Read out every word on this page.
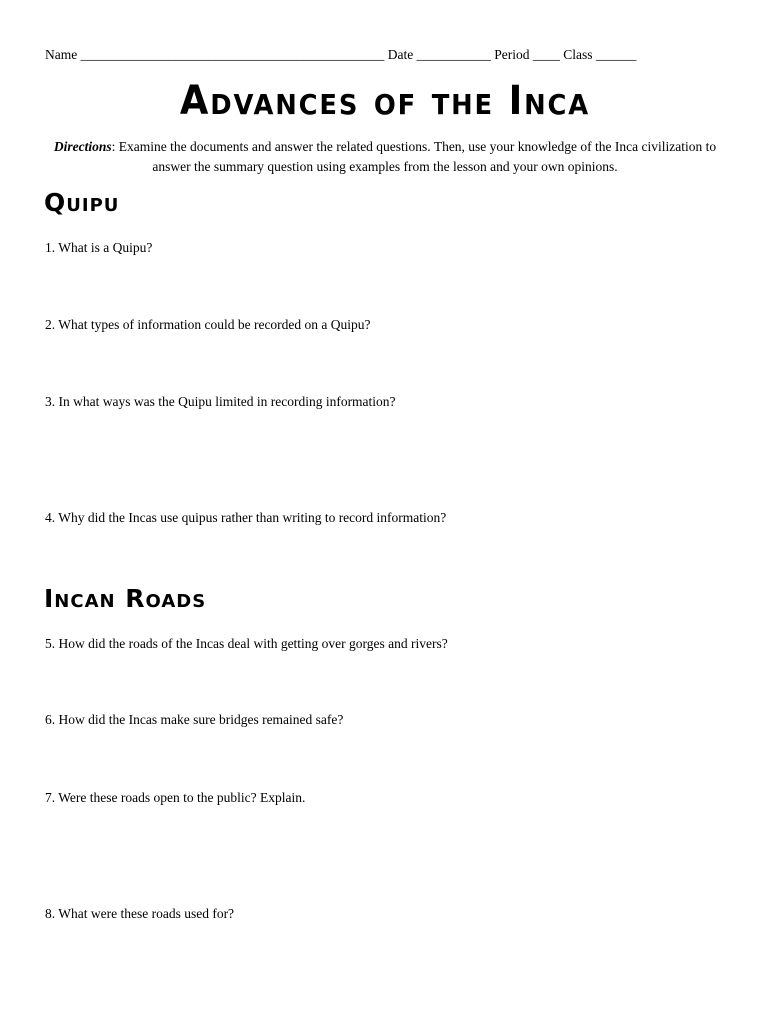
Name _____________________________________________ Date ___________ Period ____ Class ______
Advances of the Inca
Directions: Examine the documents and answer the related questions. Then, use your knowledge of the Inca civilization to answer the summary question using examples from the lesson and your own opinions.
Quipu
1. What is a Quipu?
2. What types of information could be recorded on a Quipu?
3. In what ways was the Quipu limited in recording information?
4. Why did the Incas use quipus rather than writing to record information?
Incan Roads
5. How did the roads of the Incas deal with getting over gorges and rivers?
6. How did the Incas make sure bridges remained safe?
7. Were these roads open to the public? Explain.
8. What were these roads used for?
